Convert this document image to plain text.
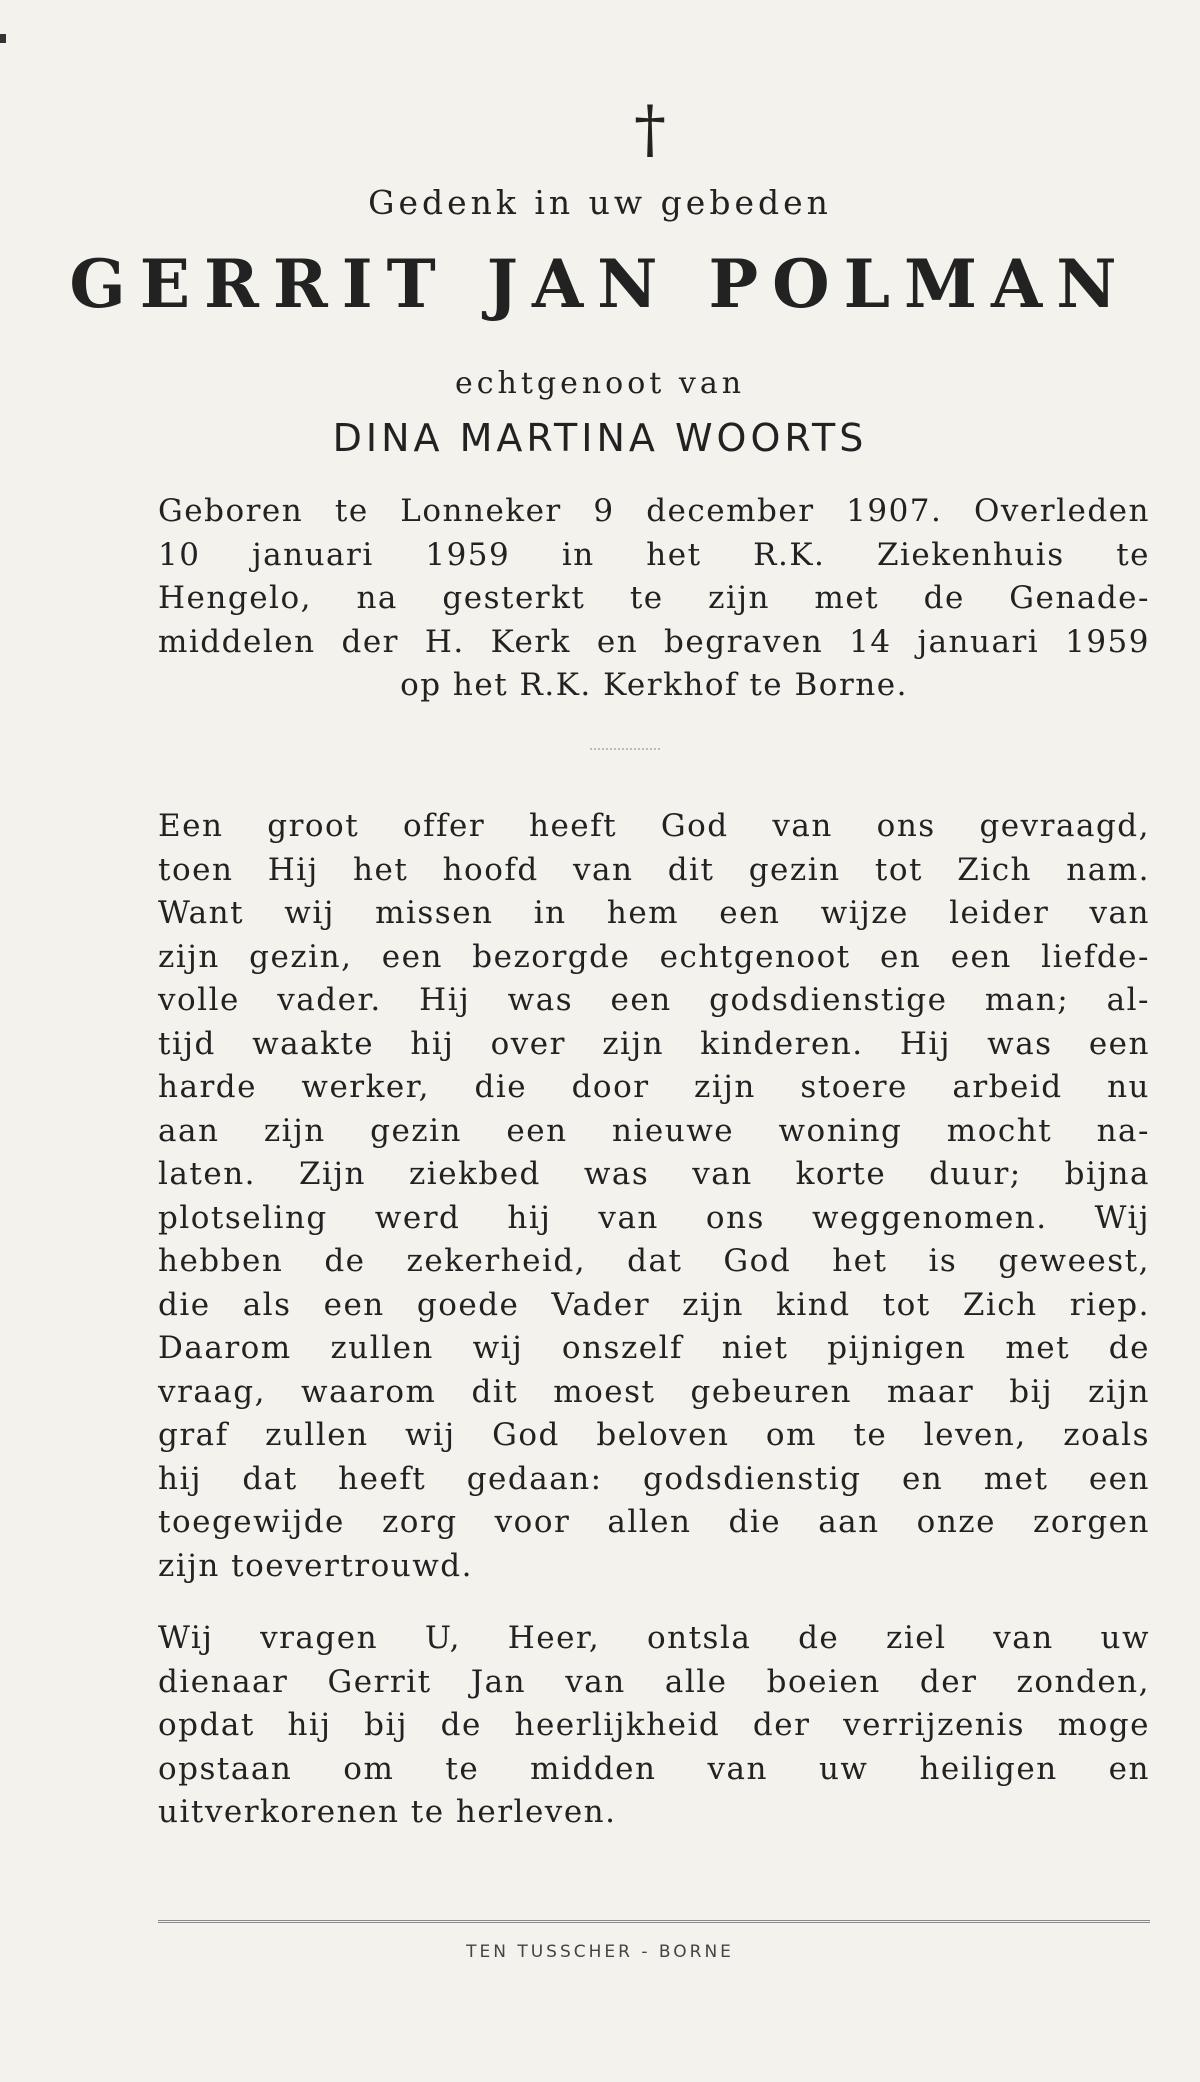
†
Gedenk in uw gebeden
GERRIT JAN POLMAN
echtgenoot van
DINA MARTINA WOORTS
Geboren te Lonneker 9 december 1907. Overleden
10 januari 1959 in het R.K. Ziekenhuis te
Hengelo, na gesterkt te zijn met de Genade-
middelen der H. Kerk en begraven 14 januari 1959
op het R.K. Kerkhof te Borne.
Een groot offer heeft God van ons gevraagd,
toen Hij het hoofd van dit gezin tot Zich nam.
Want wij missen in hem een wijze leider van
zijn gezin, een bezorgde echtgenoot en een liefde-
volle vader. Hij was een godsdienstige man; al-
tijd waakte hij over zijn kinderen. Hij was een
harde werker, die door zijn stoere arbeid nu
aan zijn gezin een nieuwe woning mocht na-
laten. Zijn ziekbed was van korte duur; bijna
plotseling werd hij van ons weggenomen. Wij
hebben de zekerheid, dat God het is geweest,
die als een goede Vader zijn kind tot Zich riep.
Daarom zullen wij onszelf niet pijnigen met de
vraag, waarom dit moest gebeuren maar bij zijn
graf zullen wij God beloven om te leven, zoals
hij dat heeft gedaan: godsdienstig en met een
toegewijde zorg voor allen die aan onze zorgen
zijn toevertrouwd.
Wij vragen U, Heer, ontsla de ziel van uw
dienaar Gerrit Jan van alle boeien der zonden,
opdat hij bij de heerlijkheid der verrijzenis moge
opstaan om te midden van uw heiligen en
uitverkorenen te herleven.
TEN TUSSCHER - BORNE
